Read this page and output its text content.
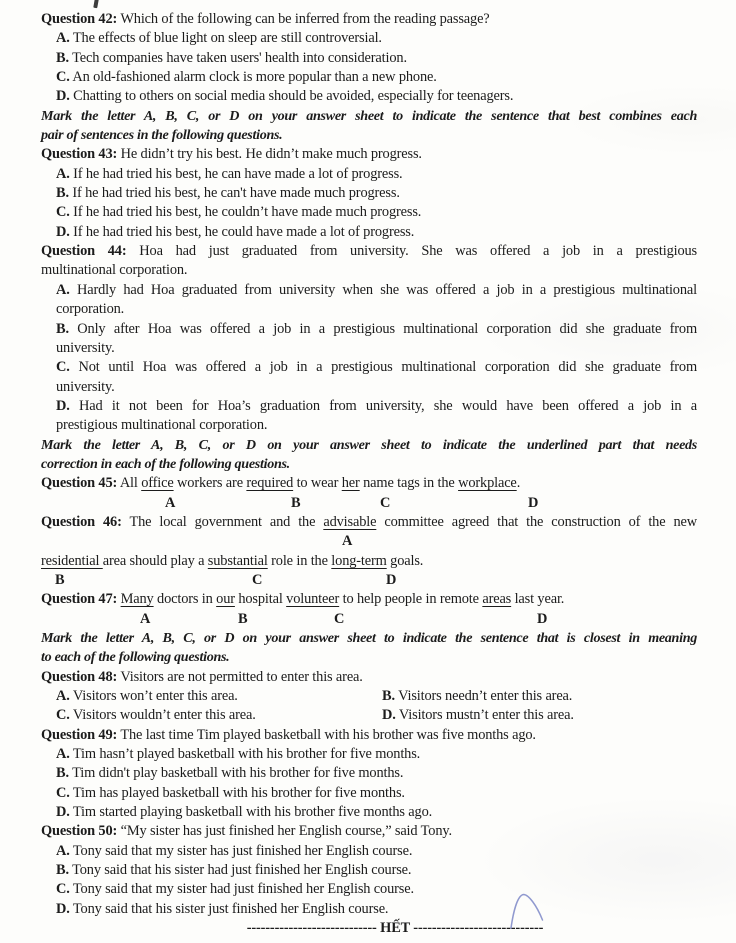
Question 42: Which of the following can be inferred from the reading passage?
A. The effects of blue light on sleep are still controversial.
B. Tech companies have taken users' health into consideration.
C. An old-fashioned alarm clock is more popular than a new phone.
D. Chatting to others on social media should be avoided, especially for teenagers.
Mark the letter A, B, C, or D on your answer sheet to indicate the sentence that best combines each
pair of sentences in the following questions.
Question 43: He didn’t try his best. He didn’t make much progress.
A. If he had tried his best, he can have made a lot of progress.
B. If he had tried his best, he can't have made much progress.
C. If he had tried his best, he couldn’t have made much progress.
D. If he had tried his best, he could have made a lot of progress.
Question 44: Hoa had just graduated from university. She was offered a job in a prestigious
multinational corporation.
A. Hardly had Hoa graduated from university when she was offered a job in a prestigious multinational
corporation.
B. Only after Hoa was offered a job in a prestigious multinational corporation did she graduate from
university.
C. Not until Hoa was offered a job in a prestigious multinational corporation did she graduate from
university.
D. Had it not been for Hoa’s graduation from university, she would have been offered a job in a
prestigious multinational corporation.
Mark the letter A, B, C, or D on your answer sheet to indicate the underlined part that needs
correction in each of the following questions.
Question 45: All office workers are required to wear her name tags in the workplace.
A	B	C	D
Question 46: The local government and the advisable committee agreed that the construction of the new
A
residential area should play a substantial role in the long-term goals.
B	C	D
Question 47: Many doctors in our hospital volunteer to help people in remote areas last year.
A	B	C	D
Mark the letter A, B, C, or D on your answer sheet to indicate the sentence that is closest in meaning
to each of the following questions.
Question 48: Visitors are not permitted to enter this area.
A. Visitors won’t enter this area.	B. Visitors needn’t enter this area.
C. Visitors wouldn’t enter this area.	D. Visitors mustn’t enter this area.
Question 49: The last time Tim played basketball with his brother was five months ago.
A. Tim hasn’t played basketball with his brother for five months.
B. Tim didn't play basketball with his brother for five months.
C. Tim has played basketball with his brother for five months.
D. Tim started playing basketball with his brother five months ago.
Question 50: “My sister has just finished her English course,” said Tony.
A. Tony said that my sister has just finished her English course.
B. Tony said that his sister had just finished her English course.
C. Tony said that my sister had just finished her English course.
D. Tony said that his sister just finished her English course.
---------------------------- HẾT ----------------------------
